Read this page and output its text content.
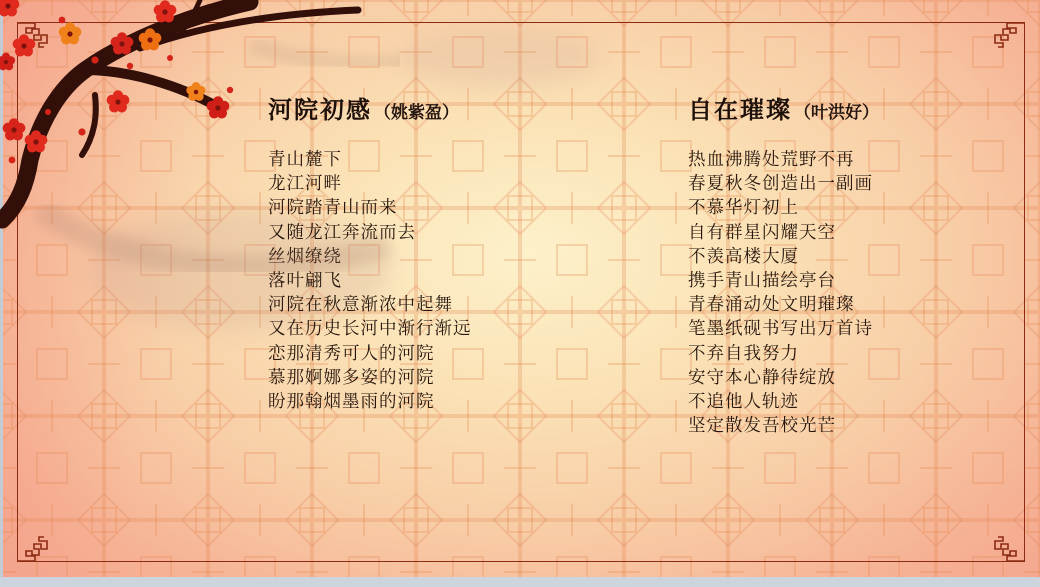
河院初感 （姚紫盈）
青山麓下
龙江河畔
河院踏青山而来
又随龙江奔流而去
丝烟缭绕
落叶翩飞
河院在秋意渐浓中起舞
又在历史长河中渐行渐远
恋那清秀可人的河院
慕那婀娜多姿的河院
盼那翰烟墨雨的河院
自在璀璨 （叶洪好）
热血沸腾处荒野不再
春夏秋冬创造出一副画
不慕华灯初上
自有群星闪耀天空
不羡高楼大厦
携手青山描绘亭台
青春涌动处文明璀璨
笔墨纸砚书写出万首诗
不弃自我努力
安守本心静待绽放
不追他人轨迹
坚定散发吾校光芒
